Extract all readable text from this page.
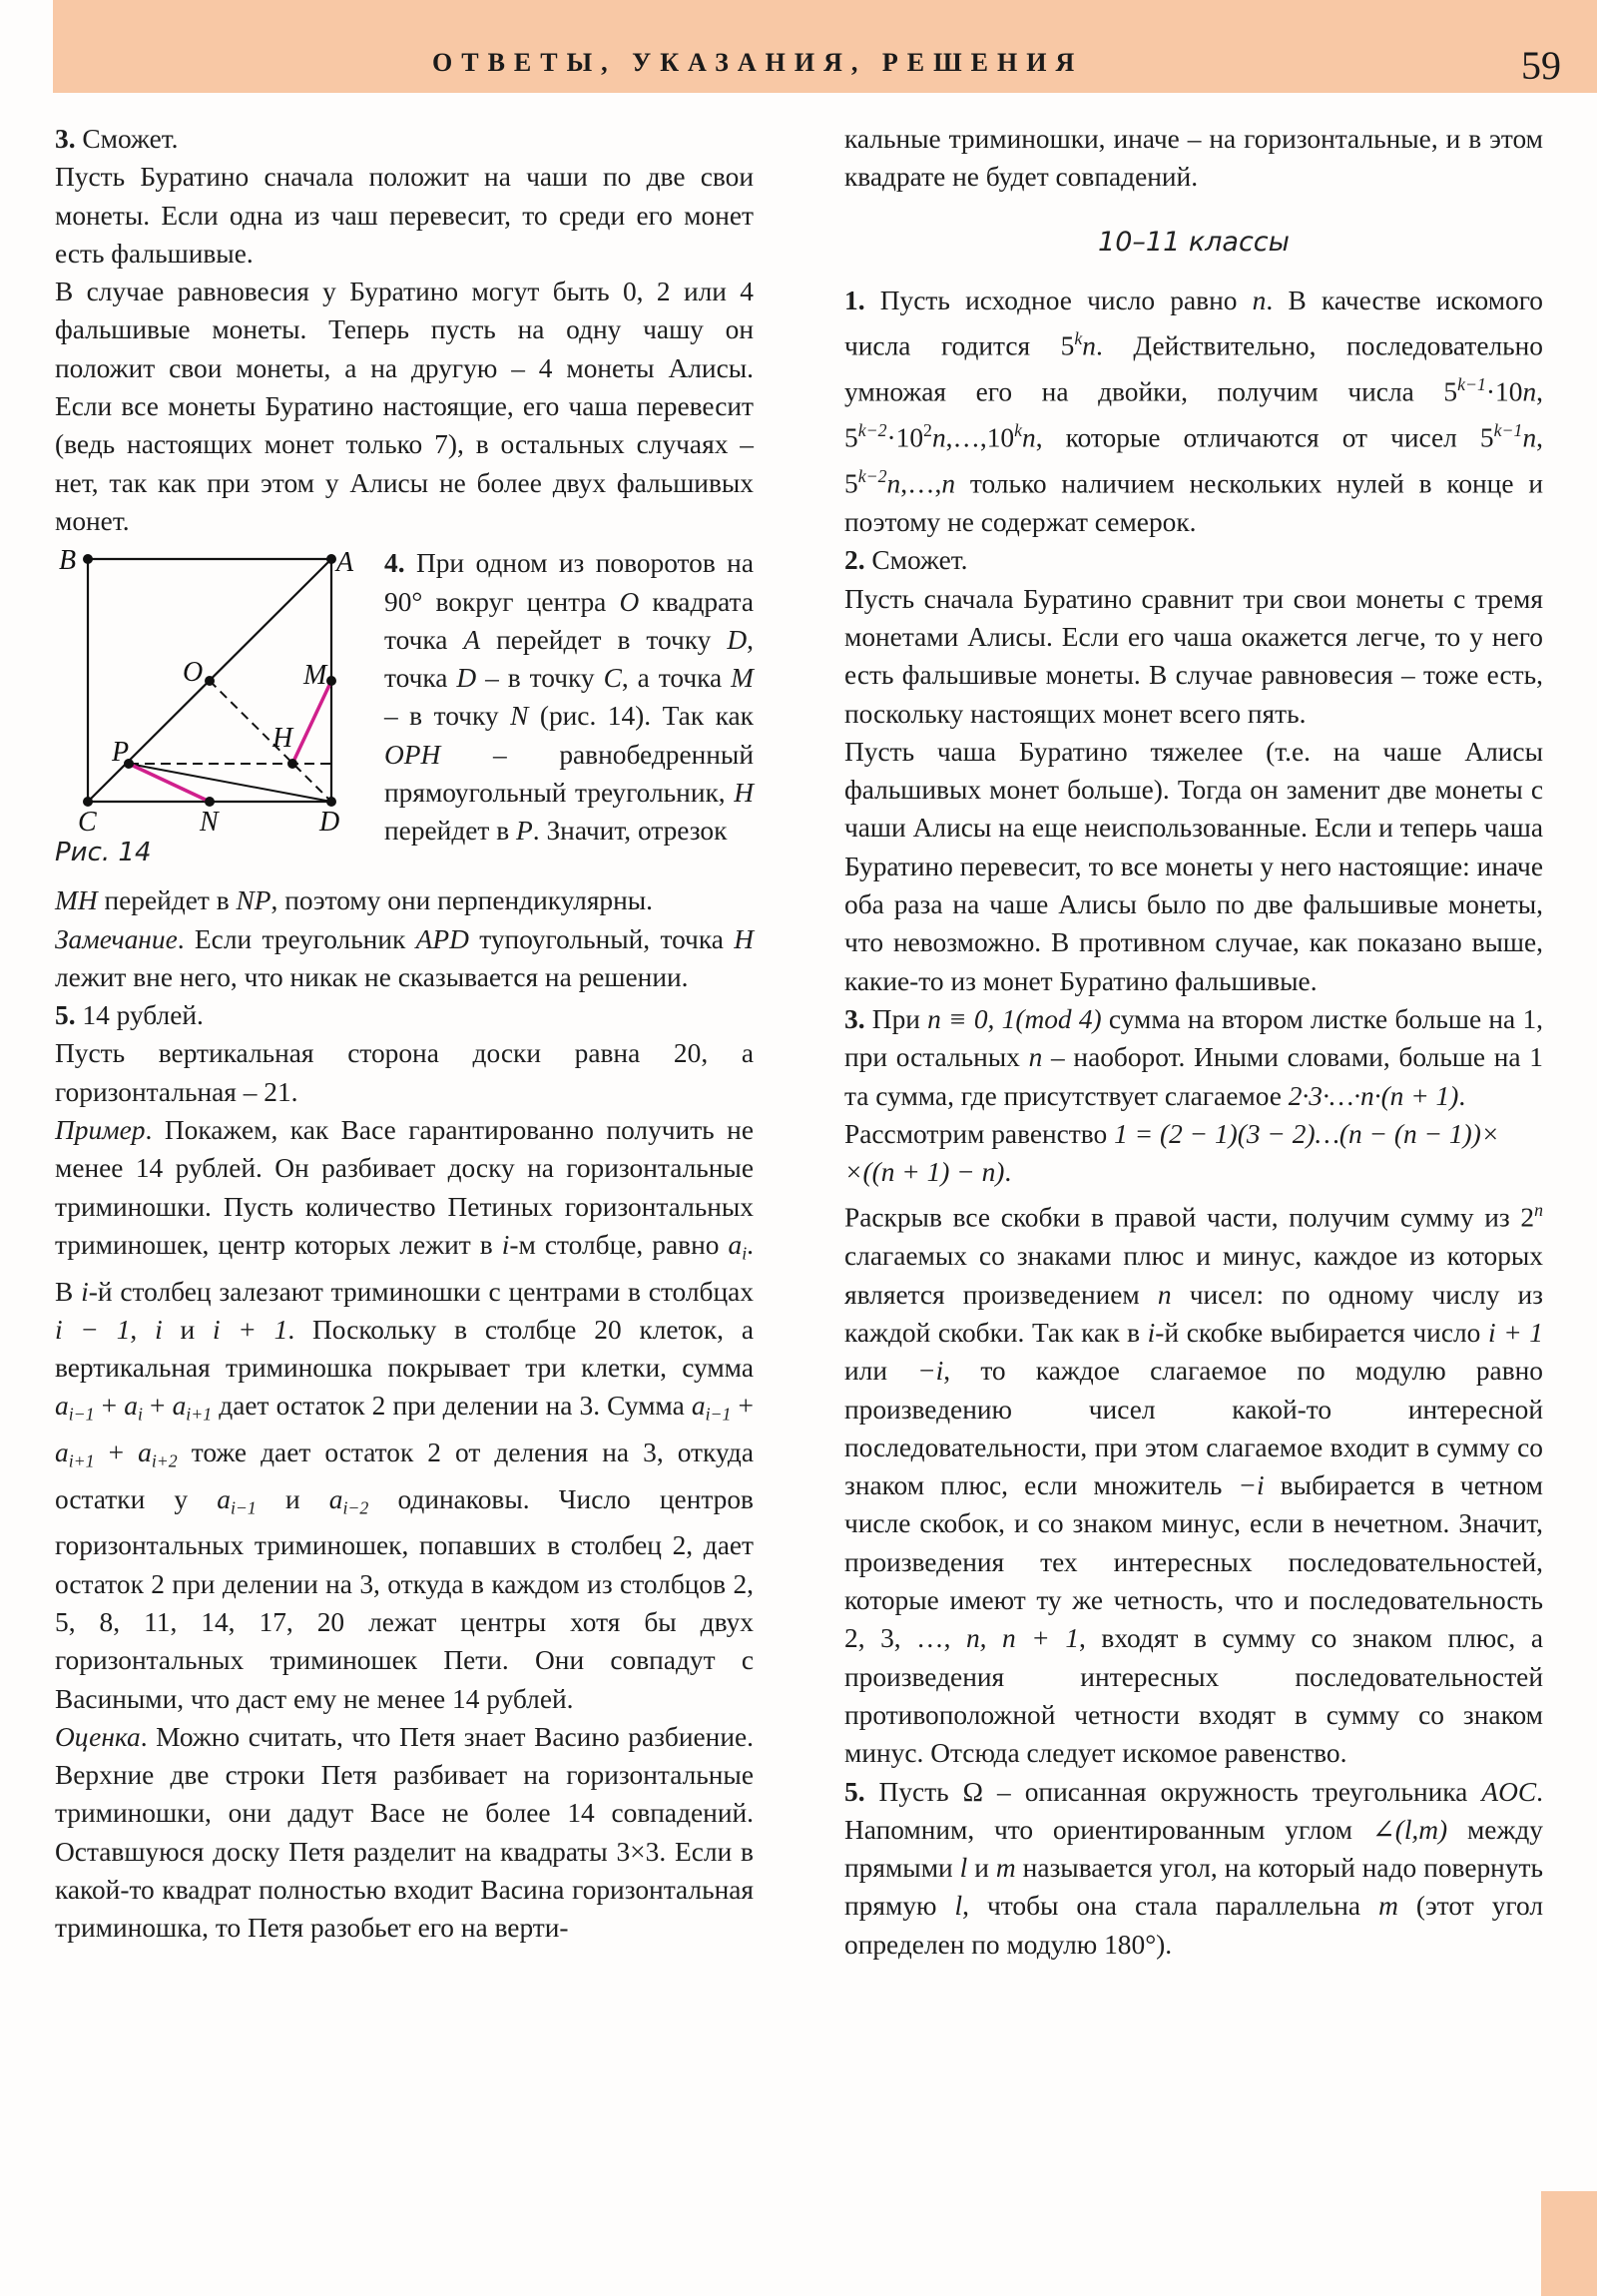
ОТВЕТЫ, УКАЗАНИЯ, РЕШЕНИЯ	59

3. Сможет.

Пусть Буратино сначала положит на чаши по две свои монеты. Если одна из чаш перевесит, то среди его монет есть фальшивые.

В случае равновесия у Буратино могут быть 0, 2 или 4 фальшивые монеты. Теперь пусть на одну чашу он положит свои монеты, а на другую – 4 монеты Алисы. Если все монеты Буратино настоящие, его чаша перевесит (ведь настоящих монет только 7), в остальных случаях – нет, так как при этом у Алисы не более двух фальшивых монет.

B	A
O	M
H
P
C	N	D
Рис. 14
4. При одном из поворотов на 90° вокруг центра O квадрата точка A перейдет в точку D, точка D – в точку C, а точка M – в точку N (рис. 14). Так как OPH – равнобедренный прямоугольный треугольник, H перейдет в P. Значит, отрезок

MH перейдет в NP, поэтому они перпендикулярны.

Замечание. Если треугольник APD тупоугольный, точка H лежит вне него, что никак не сказывается на решении.

5. 14 рублей.

Пусть вертикальная сторона доски равна 20, а горизонтальная – 21.

Пример. Покажем, как Васе гарантированно получить не менее 14 рублей. Он разбивает доску на горизонтальные триминошки. Пусть количество Петиных горизонтальных триминошек, центр которых лежит в i-м столбце, равно $a_i$. В i-й столбец залезают триминошки с центрами в столбцах i − 1, i и i + 1. Поскольку в столбце 20 клеток, а вертикальная триминошка покрывает три клетки, сумма $a_{i-1} + a_i + a_{i+1}$ дает остаток 2 при делении на 3. Сумма $a_{i-1} + a_{i+1} + a_{i+2}$ тоже дает остаток 2 от деления на 3, откуда остатки у $a_{i-1}$ и $a_{i-2}$ одинаковы. Число центров горизонтальных триминошек, попавших в столбец 2, дает остаток 2 при делении на 3, откуда в каждом из столбцов 2, 5, 8, 11, 14, 17, 20 лежат центры хотя бы двух горизонтальных триминошек Пети. Они совпадут с Васиными, что даст ему не менее 14 рублей.

Оценка. Можно считать, что Петя знает Васино разбиение. Верхние две строки Петя разбивает на горизонтальные триминошки, они дадут Васе не более 14 совпадений. Оставшуюся доску Петя разделит на квадраты 3×3. Если в какой-то квадрат полностью входит Васина горизонтальная триминошка, то Петя разобьет его на верти-

кальные триминошки, иначе – на горизонтальные, и в этом квадрате не будет совпадений.

10–11 классы

1. Пусть исходное число равно n. В качестве искомого числа годится 5$^k$n. Действительно, последовательно умножая его на двойки, получим числа $5^{k-1}\cdot 10n$, $5^{k-2}\cdot 10^2n,\dots,10^kn$, которые отличаются от чисел $5^{k-1}n$, $5^{k-2}n,\dots,n$ только наличием нескольких нулей в конце и поэтому не содержат семерок.

2. Сможет.

Пусть сначала Буратино сравнит три свои монеты с тремя монетами Алисы. Если его чаша окажется легче, то у него есть фальшивые монеты. В случае равновесия – тоже есть, поскольку настоящих монет всего пять.

Пусть чаша Буратино тяжелее (т.е. на чаше Алисы фальшивых монет больше). Тогда он заменит две монеты с чаши Алисы на еще неиспользованные. Если и теперь чаша Буратино перевесит, то все монеты у него настоящие: иначе оба раза на чаше Алисы было по две фальшивые монеты, что невозможно. В противном случае, как показано выше, какие-то из монет Буратино фальшивые.

3. При n ≡ 0, 1(mod 4) сумма на втором листке больше на 1, при остальных n – наоборот. Иными словами, больше на 1 та сумма, где присутствует слагаемое 2·3·…·n·(n + 1).

Рассмотрим равенство 1 = (2 − 1)(3 − 2)…(n − (n − 1))×
×((n + 1) − n).

Раскрыв все скобки в правой части, получим сумму из 2$^n$ слагаемых со знаками плюс и минус, каждое из которых является произведением n чисел: по одному числу из каждой скобки. Так как в i-й скобке выбирается число i + 1 или −i, то каждое слагаемое по модулю равно произведению чисел какой-то интересной последовательности, при этом слагаемое входит в сумму со знаком плюс, если множитель −i выбирается в четном числе скобок, и со знаком минус, если в нечетном. Значит, произведения тех интересных последовательностей, которые имеют ту же четность, что и последовательность 2, 3, …, n, n + 1, входят в сумму со знаком плюс, а произведения интересных последовательностей противоположной четности входят в сумму со знаком минус. Отсюда следует искомое равенство.

5. Пусть Ω – описанная окружность треугольника AOC. Напомним, что ориентированным углом ∠(l,m) между прямыми l и m называется угол, на который надо повернуть прямую l, чтобы она стала параллельна m (этот угол определен по модулю 180°).
